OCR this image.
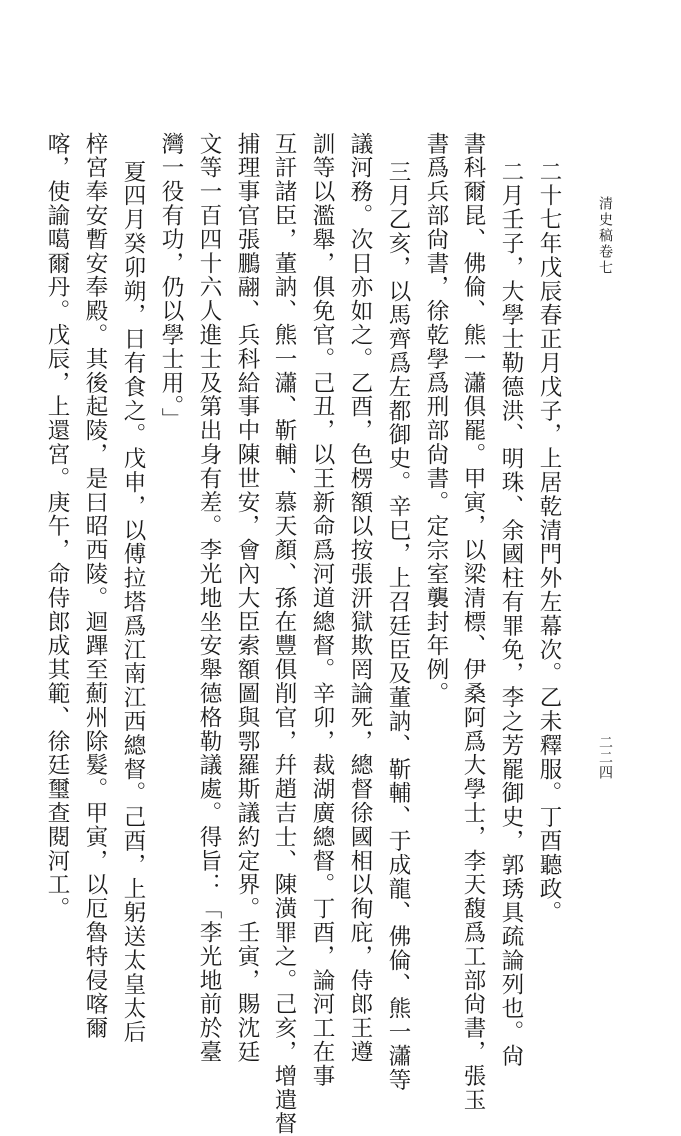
清史稿卷七
二二四
二十七年戊辰春正月戊子，上居乾清門外左幕次。乙未釋服。丁酉聽政。
二月壬子，大學士勒德洪、明珠、余國柱有罪免，李之芳罷御史，郭琇具疏論列也。尙
書科爾昆、佛倫、熊一瀟俱罷。甲寅，以梁清標、伊桑阿爲大學士，李天馥爲工部尙書，張玉
書爲兵部尙書，徐乾學爲刑部尙書。定宗室襲封年例。
三月乙亥，以馬齊爲左都御史。辛巳，上召廷臣及董訥、靳輔、于成龍、佛倫、熊一瀟等
議河務。次日亦如之。乙酉，色楞額以按張汧獄欺罔論死，總督徐國相以徇庇，侍郎王遵
訓等以濫舉，俱免官。己丑，以王新命爲河道總督。辛卯，裁湖廣總督。丁酉，論河工在事
互訐諸臣，董訥、熊一瀟、靳輔、慕天顏、孫在豐俱削官，幷趙吉士、陳潢罪之。己亥，增遣督
捕理事官張鵬翮、兵科給事中陳世安，會內大臣索額圖與鄂羅斯議約定界。壬寅，賜沈廷
文等一百四十六人進士及第出身有差。李光地坐安舉德格勒議處。得旨：「李光地前於臺
灣一役有功，仍以學士用。」
夏四月癸卯朔，日有食之。戊申，以傅拉塔爲江南江西總督。己酉，上躬送太皇太后
梓宮奉安暫安奉殿。其後起陵，是曰昭西陵。迴蹕至薊州除髮。甲寅，以厄魯特侵喀爾
喀，使諭噶爾丹。戊辰，上還宮。庚午，命侍郎成其範、徐廷璽查閱河工。
